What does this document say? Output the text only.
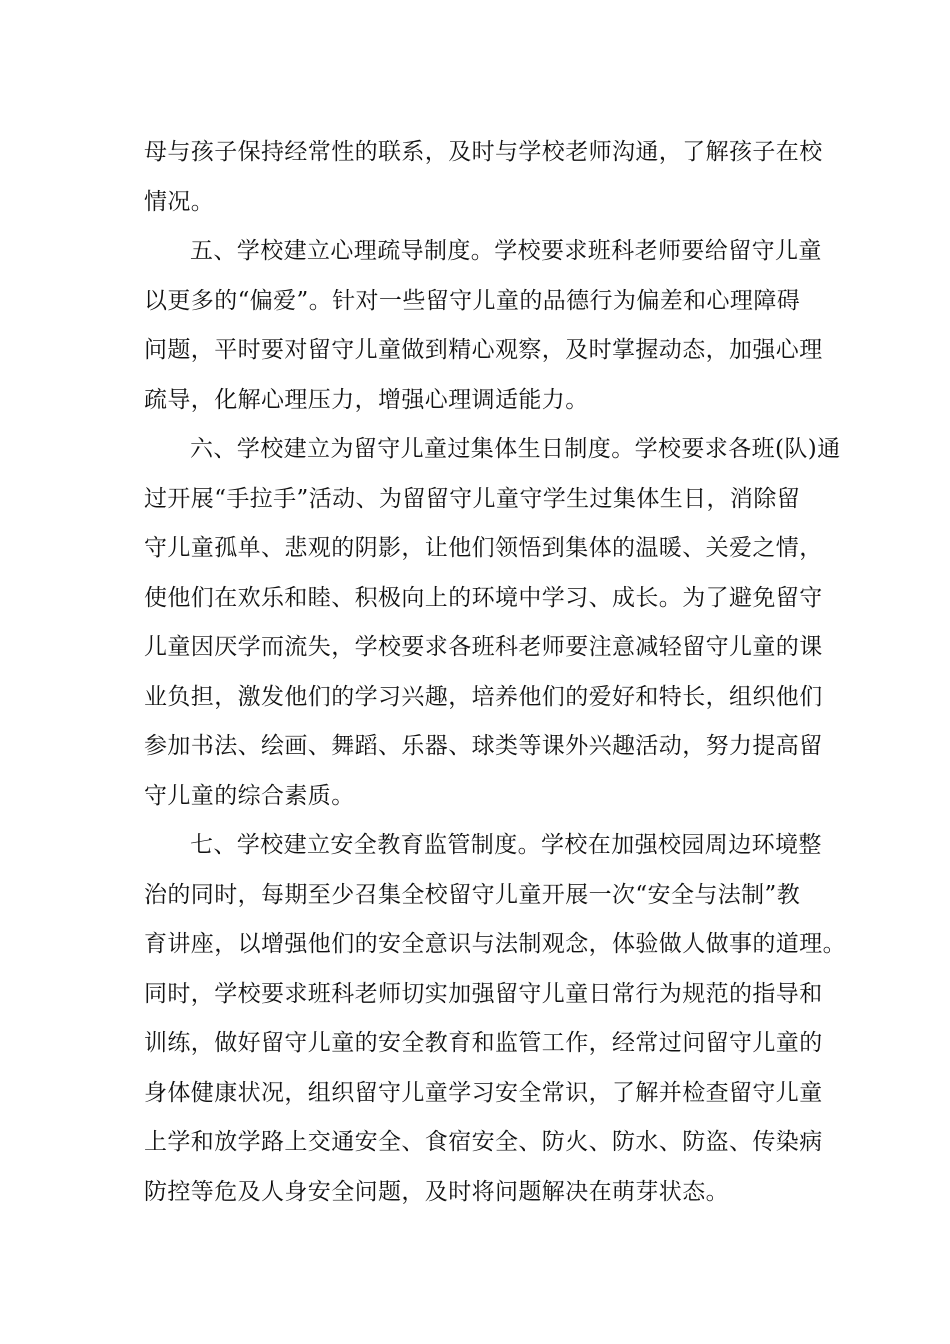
母与孩子保持经常性的联系，及时与学校老师沟通，了解孩子在校
情况。
五、学校建立心理疏导制度。学校要求班科老师要给留守儿童
以更多的“偏爱”。针对一些留守儿童的品德行为偏差和心理障碍
问题，平时要对留守儿童做到精心观察，及时掌握动态，加强心理
疏导，化解心理压力，增强心理调适能力。
六、学校建立为留守儿童过集体生日制度。学校要求各班(队)通
过开展“手拉手”活动、为留留守儿童守学生过集体生日，消除留
守儿童孤单、悲观的阴影，让他们领悟到集体的温暖、关爱之情，
使他们在欢乐和睦、积极向上的环境中学习、成长。为了避免留守
儿童因厌学而流失，学校要求各班科老师要注意减轻留守儿童的课
业负担，激发他们的学习兴趣，培养他们的爱好和特长，组织他们
参加书法、绘画、舞蹈、乐器、球类等课外兴趣活动，努力提高留
守儿童的综合素质。
七、学校建立安全教育监管制度。学校在加强校园周边环境整
治的同时，每期至少召集全校留守儿童开展一次“安全与法制”教
育讲座，以增强他们的安全意识与法制观念，体验做人做事的道理。
同时，学校要求班科老师切实加强留守儿童日常行为规范的指导和
训练，做好留守儿童的安全教育和监管工作，经常过问留守儿童的
身体健康状况，组织留守儿童学习安全常识，了解并检查留守儿童
上学和放学路上交通安全、食宿安全、防火、防水、防盗、传染病
防控等危及人身安全问题，及时将问题解决在萌芽状态。
